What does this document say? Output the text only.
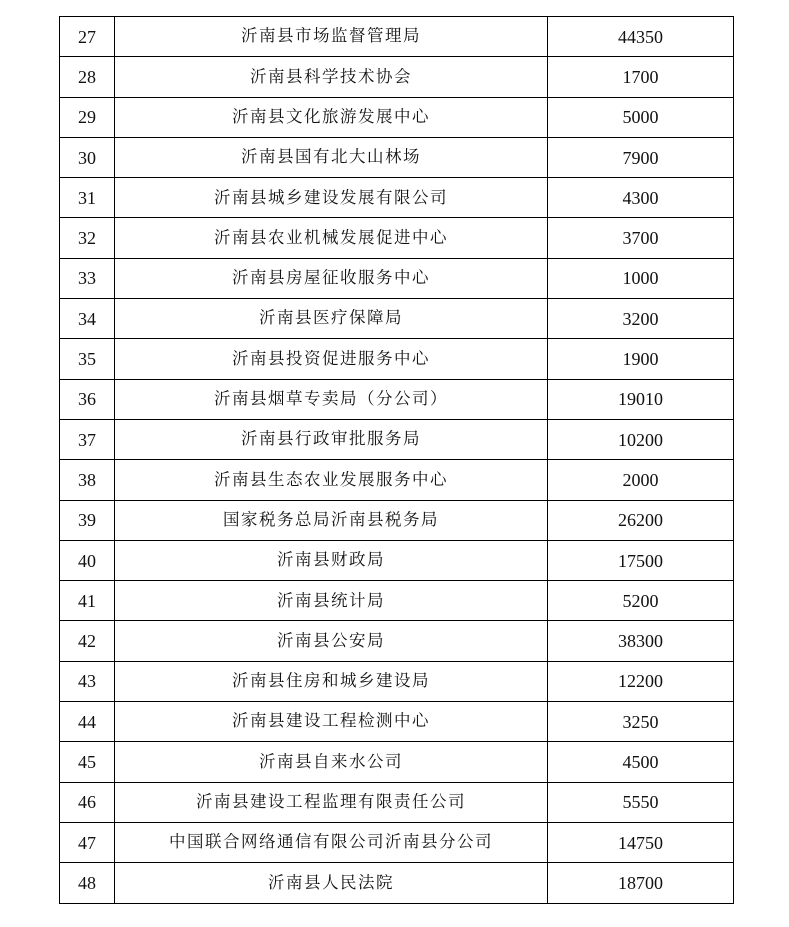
27	沂南县市场监督管理局	44350
28	沂南县科学技术协会	1700
29	沂南县文化旅游发展中心	5000
30	沂南县国有北大山林场	7900
31	沂南县城乡建设发展有限公司	4300
32	沂南县农业机械发展促进中心	3700
33	沂南县房屋征收服务中心	1000
34	沂南县医疗保障局	3200
35	沂南县投资促进服务中心	1900
36	沂南县烟草专卖局（分公司）	19010
37	沂南县行政审批服务局	10200
38	沂南县生态农业发展服务中心	2000
39	国家税务总局沂南县税务局	26200
40	沂南县财政局	17500
41	沂南县统计局	5200
42	沂南县公安局	38300
43	沂南县住房和城乡建设局	12200
44	沂南县建设工程检测中心	3250
45	沂南县自来水公司	4500
46	沂南县建设工程监理有限责任公司	5550
47	中国联合网络通信有限公司沂南县分公司	14750
48	沂南县人民法院	18700
